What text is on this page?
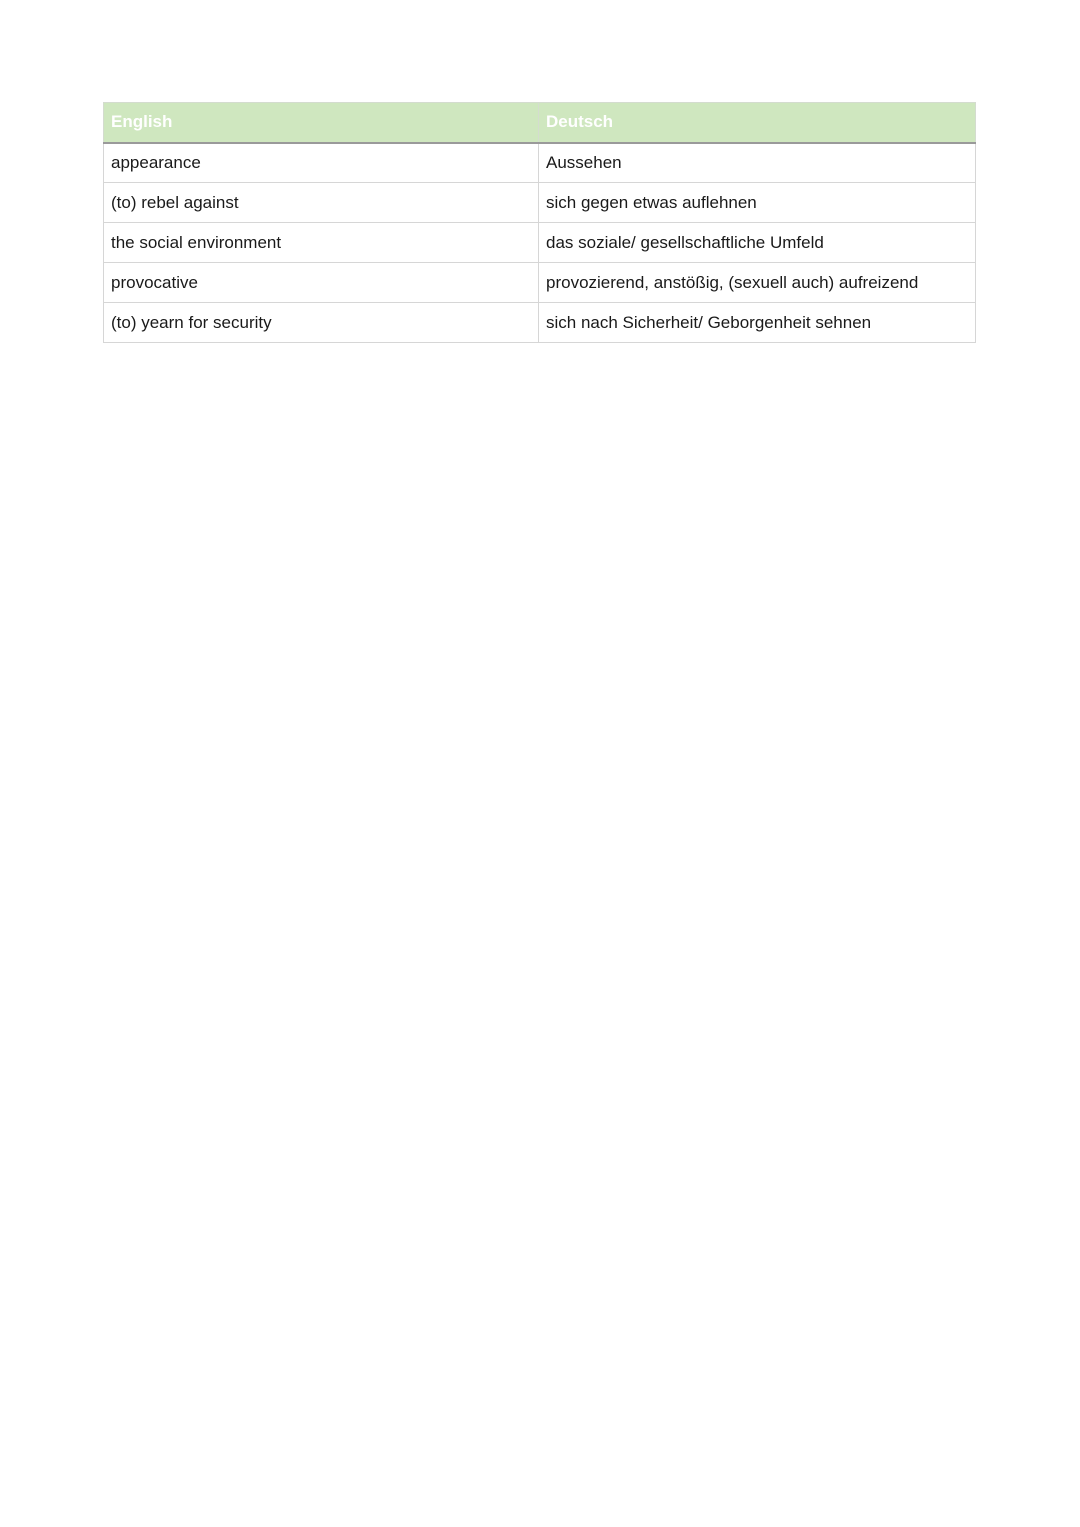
English	Deutsch
appearance	Aussehen
(to) rebel against	sich gegen etwas auflehnen
the social environment	das soziale/ gesellschaftliche Umfeld
provocative	provozierend, anstößig, (sexuell auch) aufreizend
(to) yearn for security	sich nach Sicherheit/ Geborgenheit sehnen
